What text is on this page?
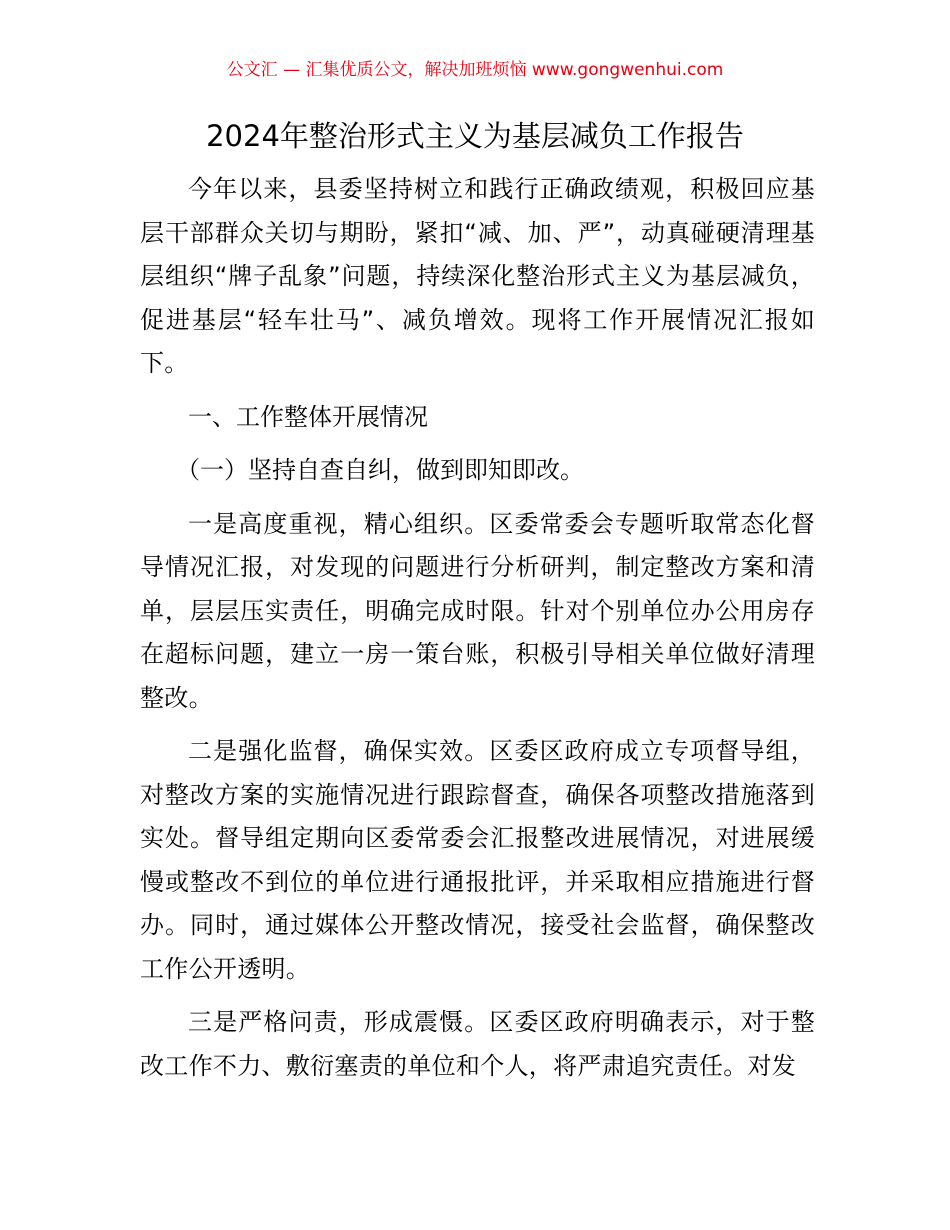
公文汇 — 汇集优质公文，解决加班烦恼 www.gongwenhui.com
2024年整治形式主义为基层减负工作报告

今年以来，县委坚持树立和践行正确政绩观，积极回应基层干部群众关切与期盼，紧扣“减、加、严”，动真碰硬清理基层组织“牌子乱象”问题，持续深化整治形式主义为基层减负，促进基层“轻车壮马”、减负增效。现将工作开展情况汇报如下。

一、工作整体开展情况

（一）坚持自查自纠，做到即知即改。

一是高度重视，精心组织。区委常委会专题听取常态化督导情况汇报，对发现的问题进行分析研判，制定整改方案和清单，层层压实责任，明确完成时限。针对个别单位办公用房存在超标问题，建立一房一策台账，积极引导相关单位做好清理整改。

二是强化监督，确保实效。区委区政府成立专项督导组，对整改方案的实施情况进行跟踪督查，确保各项整改措施落到实处。督导组定期向区委常委会汇报整改进展情况，对进展缓慢或整改不到位的单位进行通报批评，并采取相应措施进行督办。同时，通过媒体公开整改情况，接受社会监督，确保整改工作公开透明。

三是严格问责，形成震慑。区委区政府明确表示，对于整改工作不力、敷衍塞责的单位和个人，将严肃追究责任。对发
